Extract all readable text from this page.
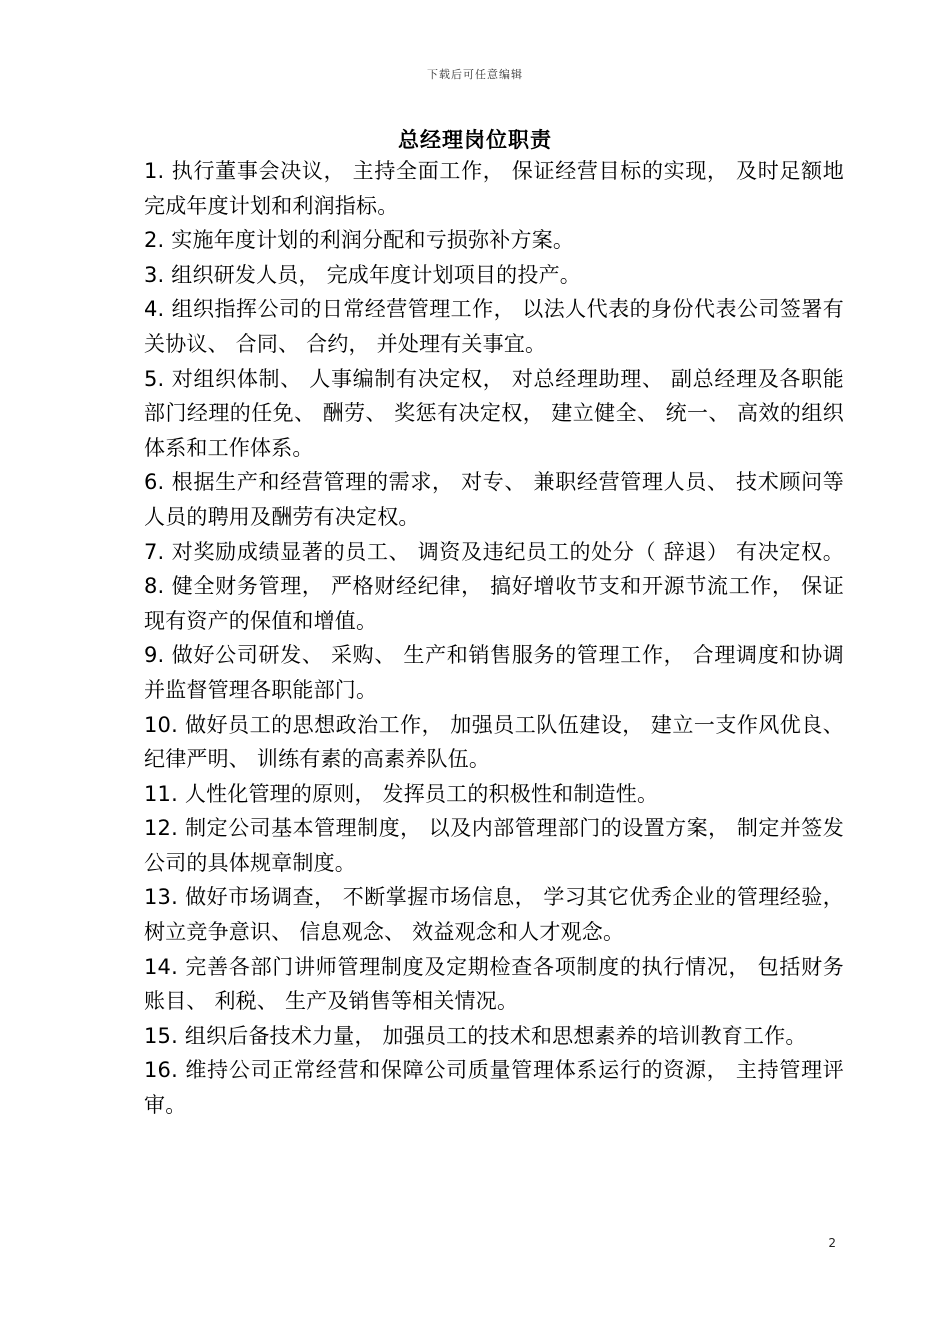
下载后可任意编辑
总经理岗位职责

1. 执行董事会决议， 主持全面工作， 保证经营目标的实现， 及时足额地完成年度计划和利润指标。

2. 实施年度计划的利润分配和亏损弥补方案。

3. 组织研发人员， 完成年度计划项目的投产。

4. 组织指挥公司的日常经营管理工作， 以法人代表的身份代表公司签署有关协议、 合同、 合约， 并处理有关事宜。

5. 对组织体制、 人事编制有决定权， 对总经理助理、 副总经理及各职能部门经理的任免、 酬劳、 奖惩有决定权， 建立健全、 统一、 高效的组织体系和工作体系。

6. 根据生产和经营管理的需求， 对专、 兼职经营管理人员、 技术顾问等人员的聘用及酬劳有决定权。

7. 对奖励成绩显著的员工、 调资及违纪员工的处分（ 辞退） 有决定权。 8. 健全财务管理， 严格财经纪律， 搞好增收节支和开源节流工作， 保证现有资产的保值和增值。

9. 做好公司研发、 采购、 生产和销售服务的管理工作， 合理调度和协调并监督管理各职能部门。

10. 做好员工的思想政治工作， 加强员工队伍建设， 建立一支作风优良、 纪律严明、 训练有素的高素养队伍。

11. 人性化管理的原则， 发挥员工的积极性和制造性。

12. 制定公司基本管理制度， 以及内部管理部门的设置方案， 制定并签发公司的具体规章制度。

13. 做好市场调查， 不断掌握市场信息， 学习其它优秀企业的管理经验， 树立竞争意识、 信息观念、 效益观念和人才观念。

14. 完善各部门讲师管理制度及定期检查各项制度的执行情况， 包括财务账目、 利税、 生产及销售等相关情况。

15. 组织后备技术力量， 加强员工的技术和思想素养的培训教育工作。

16. 维持公司正常经营和保障公司质量管理体系运行的资源， 主持管理评审。

2
